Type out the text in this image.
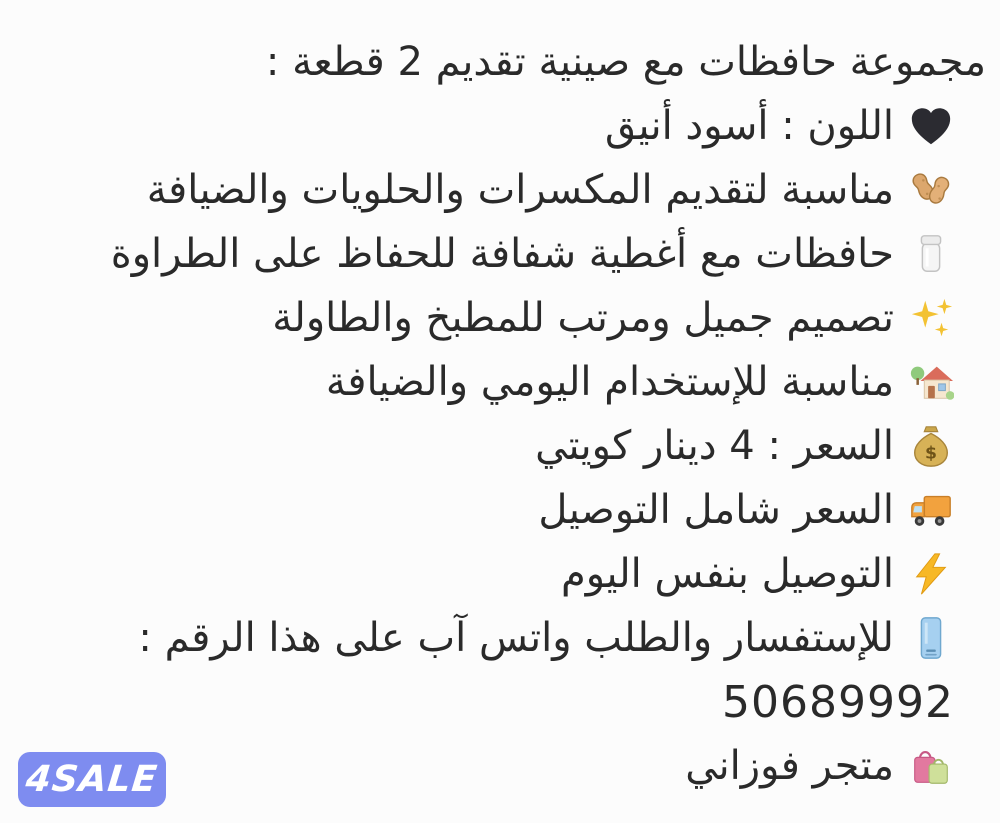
مجموعة حافظات مع صينية تقديم 2 قطعة :
اللون : أسود أنيق
مناسبة لتقديم المكسرات والحلويات والضيافة
حافظات مع أغطية شفافة للحفاظ على الطراوة
تصميم جميل ومرتب للمطبخ والطاولة
مناسبة للإستخدام اليومي والضيافة
$
السعر : 4 دينار كويتي
السعر شامل التوصيل
التوصيل بنفس اليوم
للإستفسار والطلب واتس آب على هذا الرقم :
50689992
متجر فوزاني
4SALE
